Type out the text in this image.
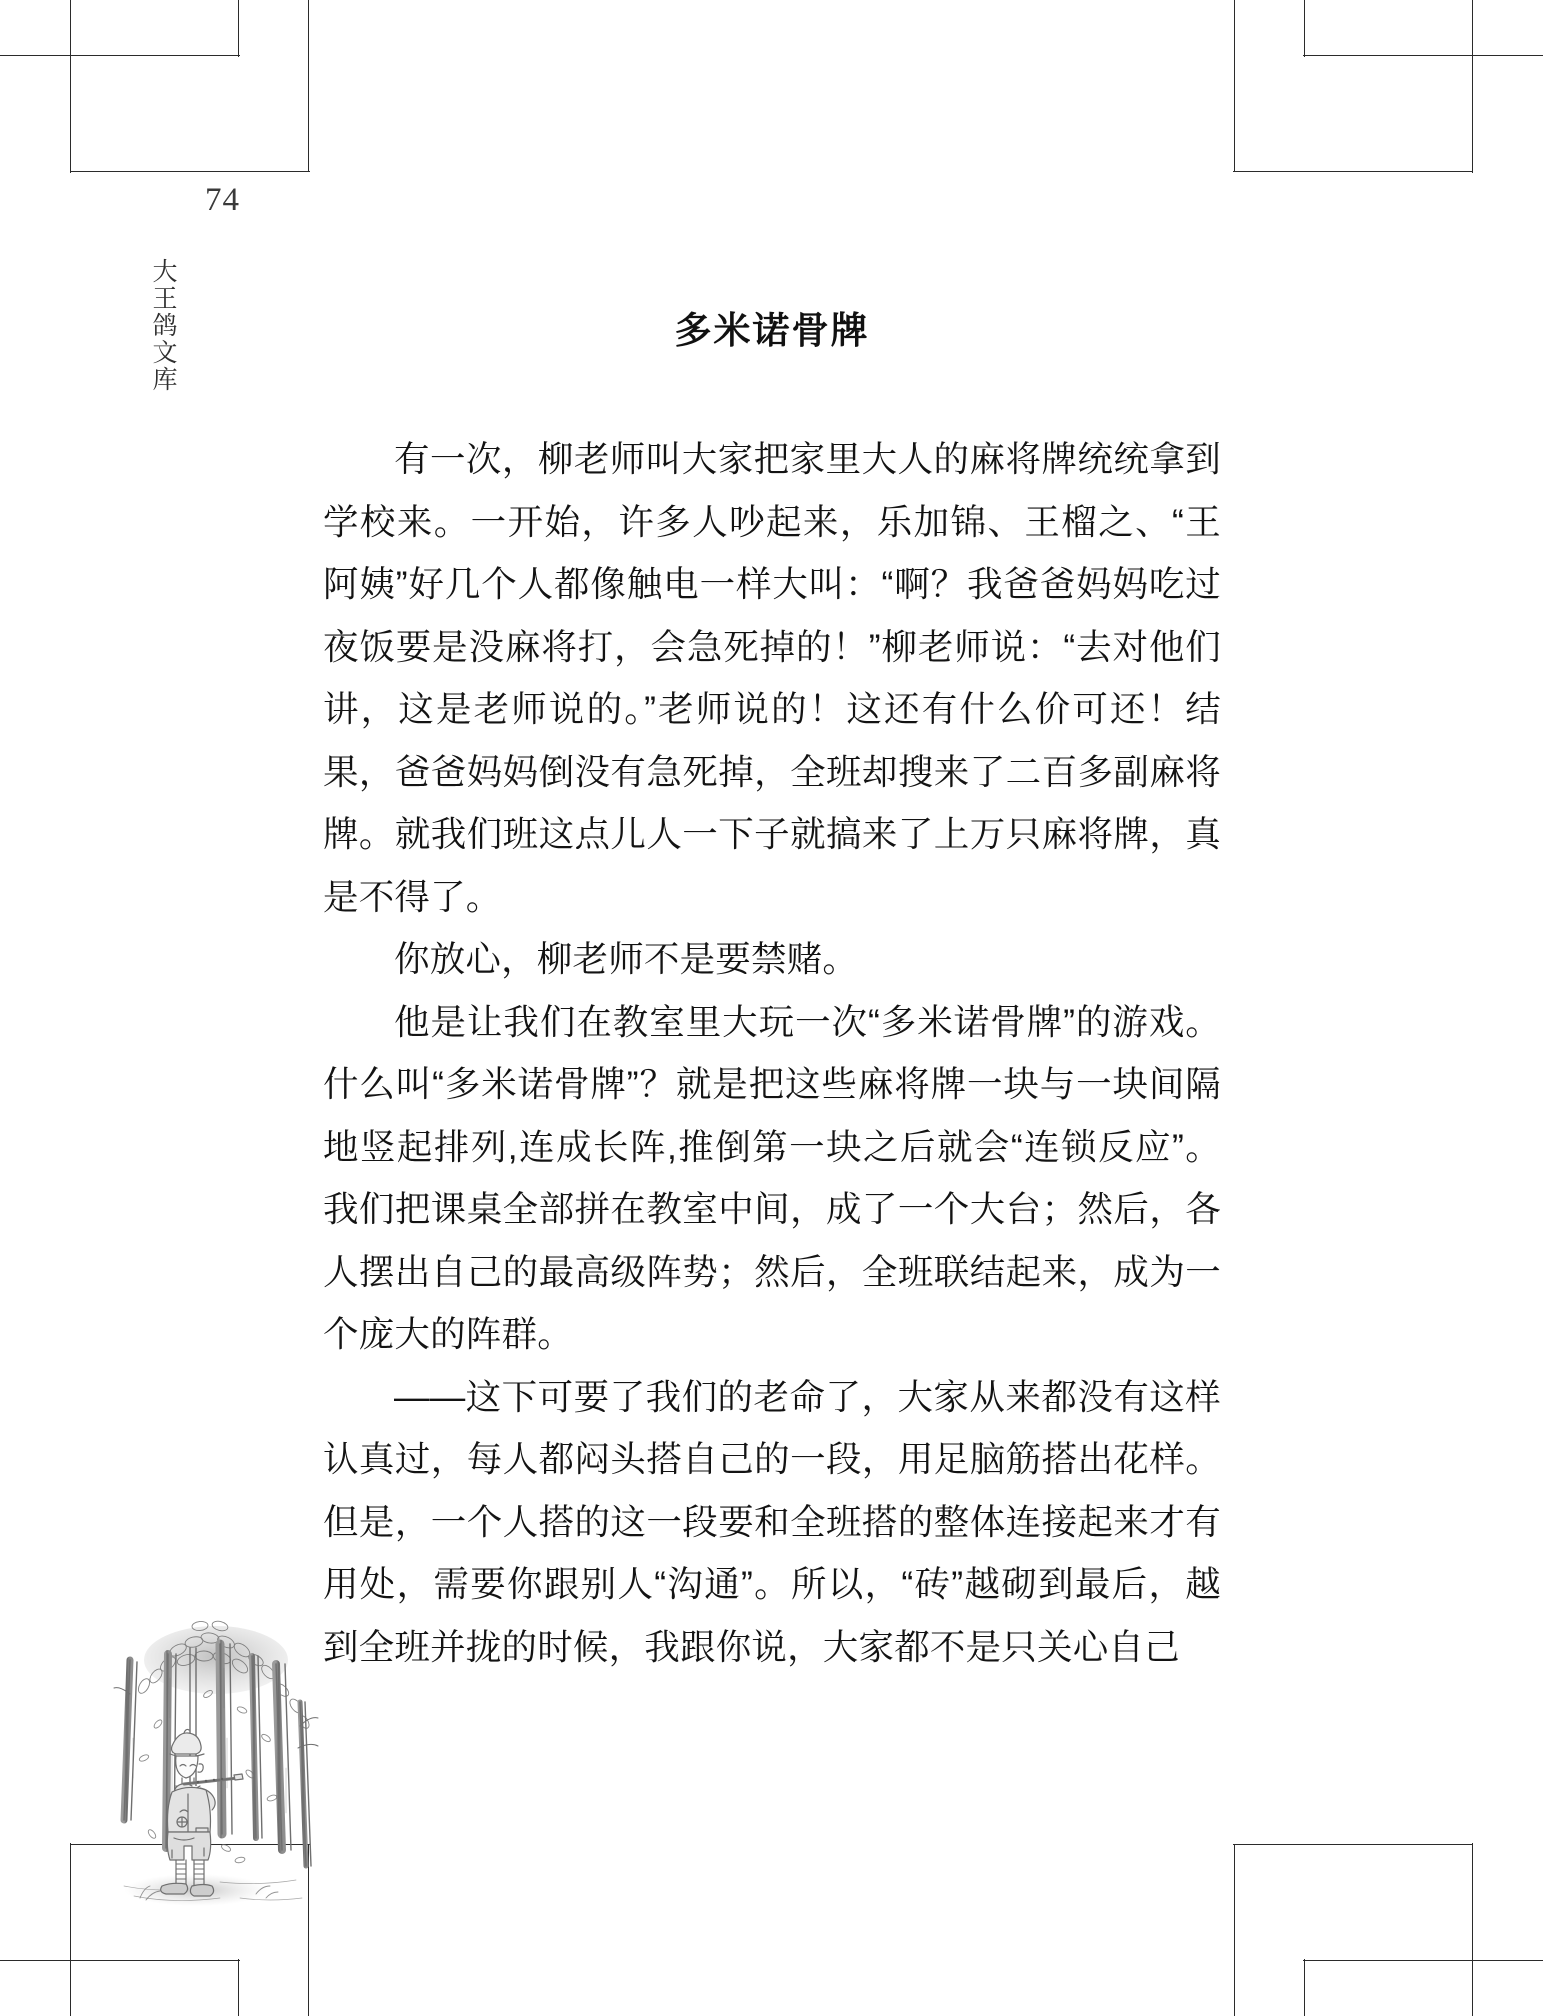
74
大王鸽文库	多米诺骨牌

有一次，柳老师叫大家把家里大人的麻将牌统统拿到学校来。一开始，许多人吵起来，乐加锦、王榴之、“王阿姨”好几个人都像触电一样大叫：“啊？我爸爸妈妈吃过夜饭要是没麻将打，会急死掉的！”柳老师说：“去对他们讲，这是老师说的。”老师说的！这还有什么价可还！结果，爸爸妈妈倒没有急死掉，全班却搜来了二百多副麻将牌。就我们班这点儿人一下子就搞来了上万只麻将牌，真是不得了。

你放心，柳老师不是要禁赌。

他是让我们在教室里大玩一次“多米诺骨牌”的游戏。什么叫“多米诺骨牌”？就是把这些麻将牌一块与一块间隔地竖起排列,连成长阵,推倒第一块之后就会“连锁反应”。我们把课桌全部拼在教室中间，成了一个大台；然后，各人摆出自己的最高级阵势；然后，全班联结起来，成为一个庞大的阵群。

——这下可要了我们的老命了，大家从来都没有这样认真过，每人都闷头搭自己的一段，用足脑筋搭出花样。但是，一个人搭的这一段要和全班搭的整体连接起来才有用处，需要你跟别人“沟通”。所以，“砖”越砌到最后，越到全班并拢的时候，我跟你说，大家都不是只关心自己
